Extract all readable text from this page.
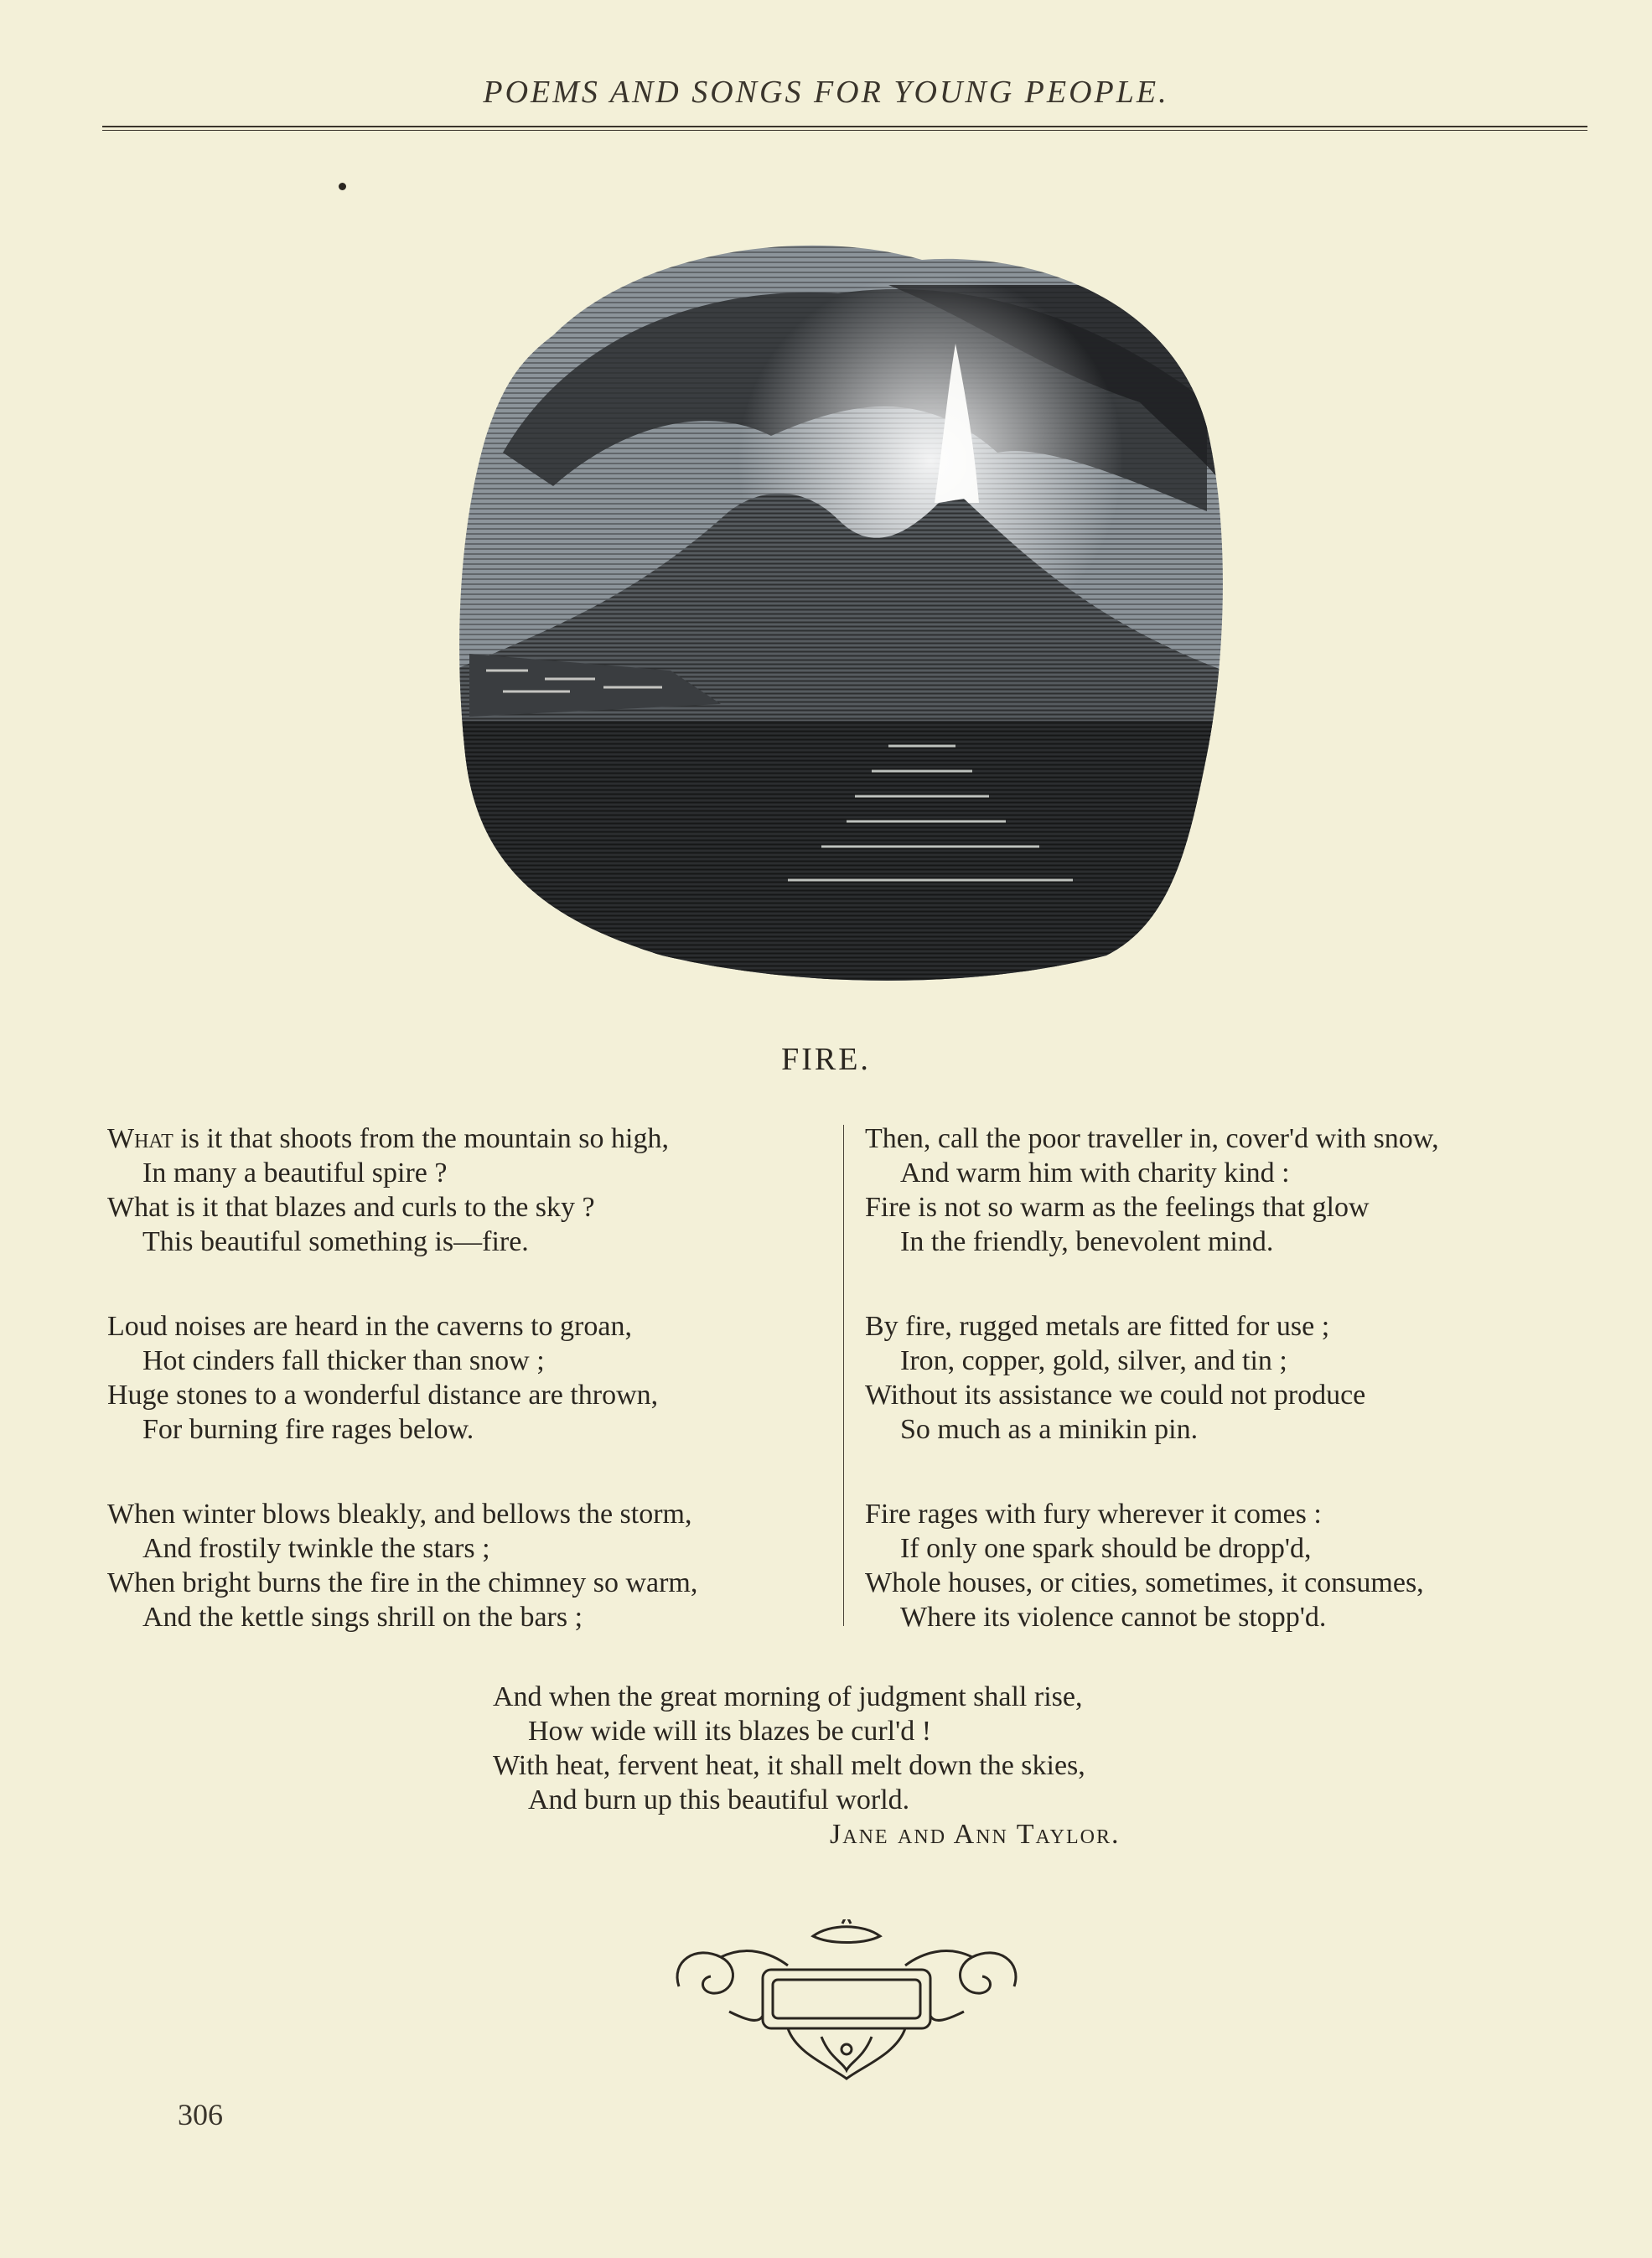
POEMS AND SONGS FOR YOUNG PEOPLE.
FIRE.
What is it that shoots from the mountain so high,
In many a beautiful spire ?
What is it that blazes and curls to the sky ?
This beautiful something is—fire.
Loud noises are heard in the caverns to groan,
Hot cinders fall thicker than snow ;
Huge stones to a wonderful distance are thrown,
For burning fire rages below.
When winter blows bleakly, and bellows the storm,
And frostily twinkle the stars ;
When bright burns the fire in the chimney so warm,
And the kettle sings shrill on the bars ;
Then, call the poor traveller in, cover'd with snow,
And warm him with charity kind :
Fire is not so warm as the feelings that glow
In the friendly, benevolent mind.
By fire, rugged metals are fitted for use ;
Iron, copper, gold, silver, and tin ;
Without its assistance we could not produce
So much as a minikin pin.
Fire rages with fury wherever it comes :
If only one spark should be dropp'd,
Whole houses, or cities, sometimes, it consumes,
Where its violence cannot be stopp'd.
And when the great morning of judgment shall rise,
How wide will its blazes be curl'd !
With heat, fervent heat, it shall melt down the skies,
And burn up this beautiful world.
Jane and Ann Taylor.
306
